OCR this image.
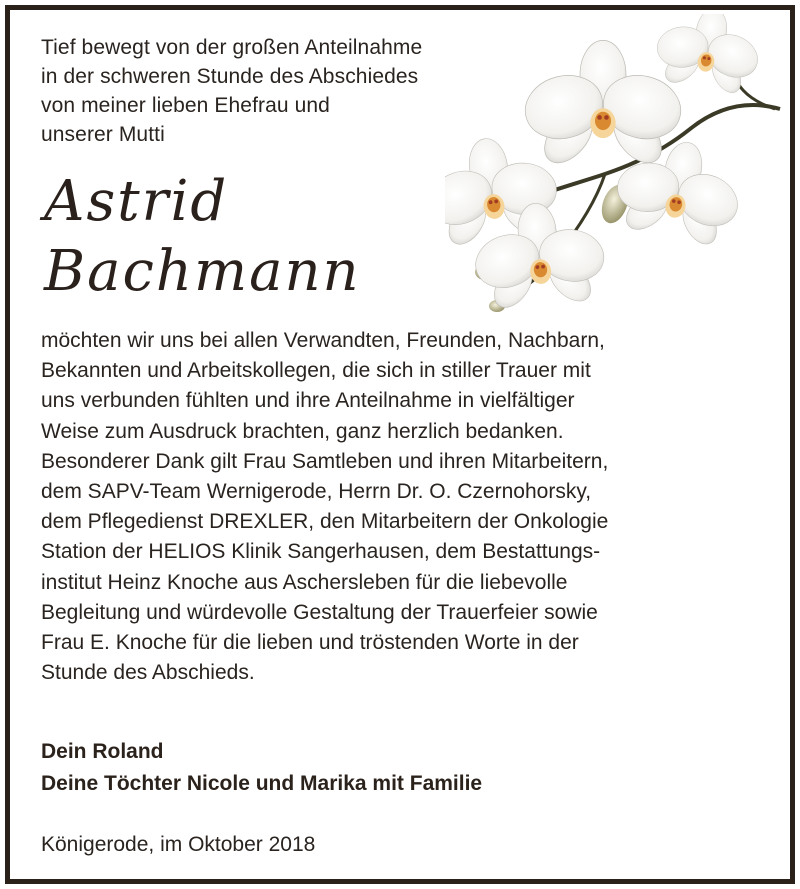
Tief bewegt von der großen Anteilnahme
in der schweren Stunde des Abschiedes
von meiner lieben Ehefrau und
unserer Mutti
Astrid
Bachmann
möchten wir uns bei allen Verwandten, Freunden, Nachbarn,
Bekannten und Arbeitskollegen, die sich in stiller Trauer mit
uns verbunden fühlten und ihre Anteilnahme in vielfältiger
Weise zum Ausdruck brachten, ganz herzlich bedanken.
Besonderer Dank gilt Frau Samtleben und ihren Mitarbeitern,
dem SAPV-Team Wernigerode, Herrn Dr. O. Czernohorsky,
dem Pflegedienst DREXLER, den Mitarbeitern der Onkologie
Station der HELIOS Klinik Sangerhausen, dem Bestattungs-
institut Heinz Knoche aus Aschersleben für die liebevolle
Begleitung und würdevolle Gestaltung der Trauerfeier sowie
Frau E. Knoche für die lieben und tröstenden Worte in der
Stunde des Abschieds.
Dein Roland
Deine Töchter Nicole und Marika mit Familie
Königerode, im Oktober 2018
